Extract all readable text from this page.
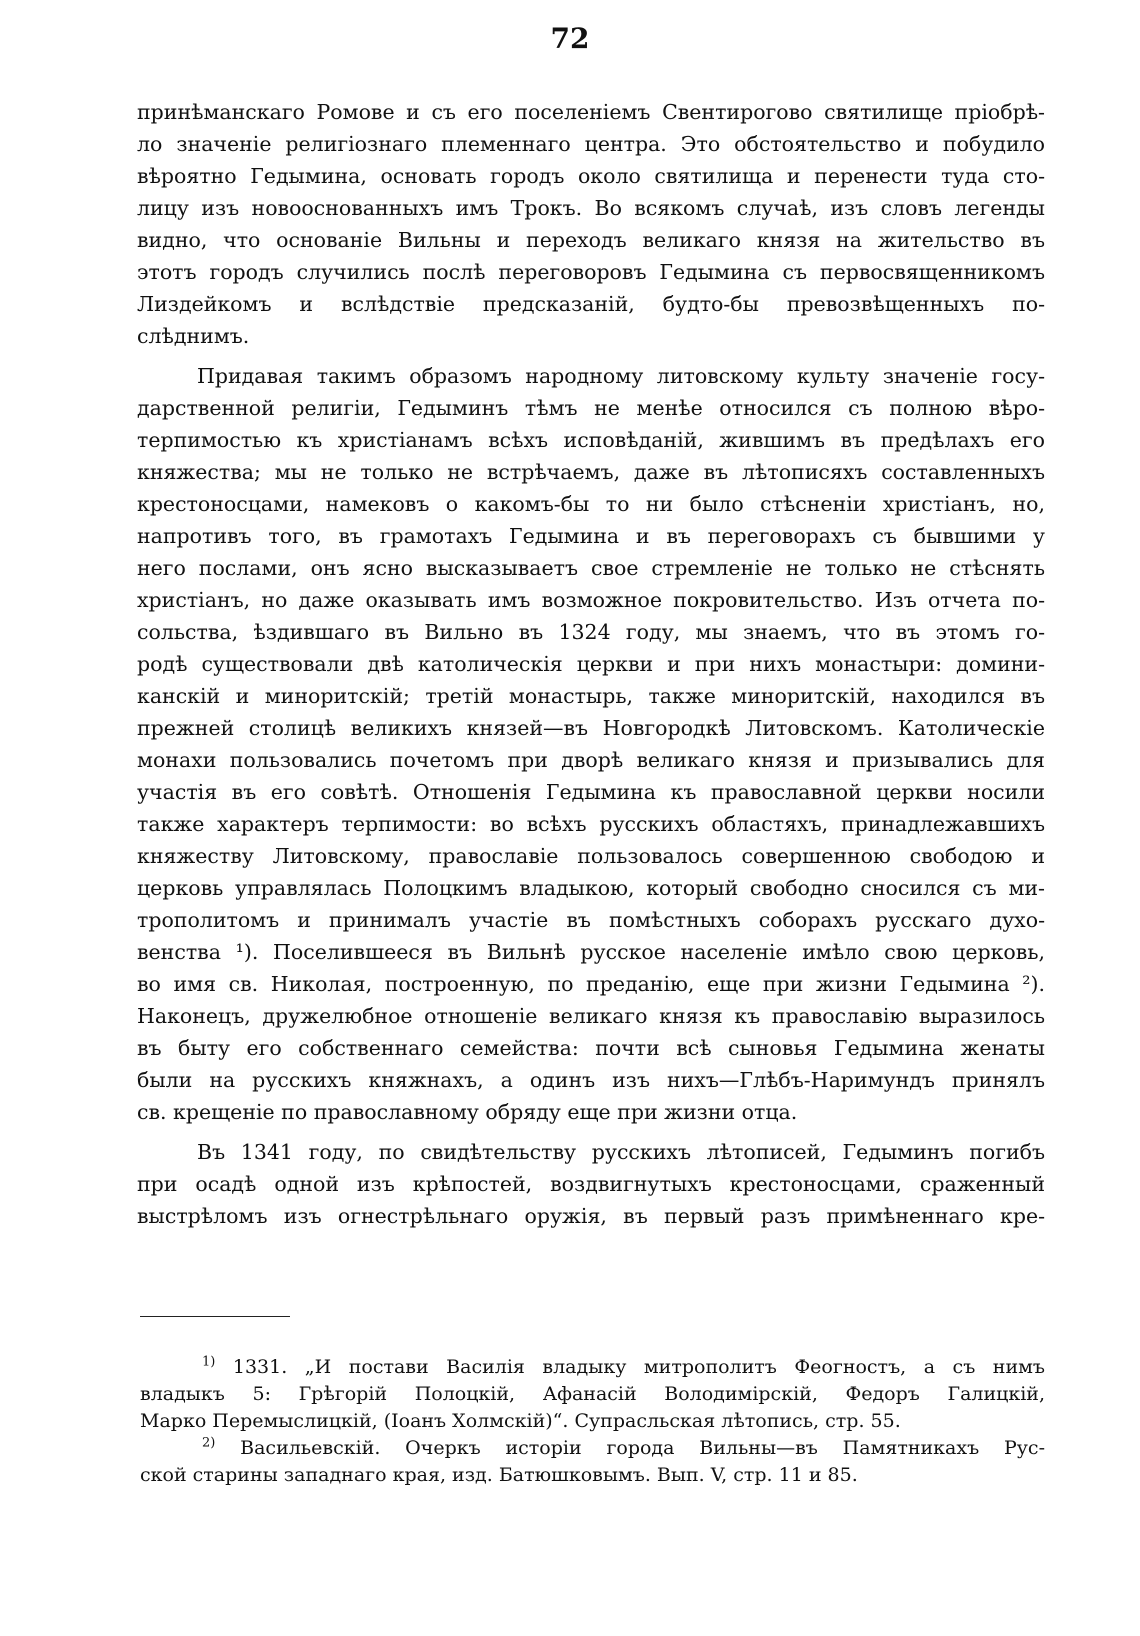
72
принѣманскаго Ромове и съ его поселеніемъ Свентирогово святилище пріобрѣ-
ло значеніе религіознаго племеннаго центра. Это обстоятельство и побудило
вѣроятно Гедымина, основать городъ около святилища и перенести туда сто-
лицу изъ новооснованныхъ имъ Трокъ. Во всякомъ случаѣ, изъ словъ легенды
видно, что основаніе Вильны и переходъ великаго князя на жительство въ
этотъ городъ случились послѣ переговоровъ Гедымина съ первосвященникомъ
Лиздейкомъ и вслѣдствіе предсказаній, будто-бы превозвѣщенныхъ по-
слѣднимъ.
Придавая такимъ образомъ народному литовскому культу значеніе госу-
дарственной религіи, Гедыминъ тѣмъ не менѣе относился съ полною вѣро-
терпимостью къ христіанамъ всѣхъ исповѣданій, жившимъ въ предѣлахъ его
княжества; мы не только не встрѣчаемъ, даже въ лѣтописяхъ составленныхъ
крестоносцами, намековъ о какомъ-бы то ни было стѣсненіи христіанъ, но,
напротивъ того, въ грамотахъ Гедымина и въ переговорахъ съ бывшими у
него послами, онъ ясно высказываетъ свое стремленіе не только не стѣснять
христіанъ, но даже оказывать имъ возможное покровительство. Изъ отчета по-
сольства, ѣздившаго въ Вильно въ 1324 году, мы знаемъ, что въ этомъ го-
родѣ существовали двѣ католическія церкви и при нихъ монастыри: домини-
канскій и миноритскій; третій монастырь, также миноритскій, находился въ
прежней столицѣ великихъ князей—въ Новгородкѣ Литовскомъ. Католическіе
монахи пользовались почетомъ при дворѣ великаго князя и призывались для
участія въ его совѣтѣ. Отношенія Гедымина къ православной церкви носили
также характеръ терпимости: во всѣхъ русскихъ областяхъ, принадлежавшихъ
княжеству Литовскому, православіе пользовалось совершенною свободою и
церковь управлялась Полоцкимъ владыкою, который свободно сносился съ ми-
трополитомъ и принималъ участіе въ помѣстныхъ соборахъ русскаго духо-
венства ¹). Поселившееся въ Вильнѣ русское населеніе имѣло свою церковь,
во имя св. Николая, построенную, по преданію, еще при жизни Гедымина ²).
Наконецъ, дружелюбное отношеніе великаго князя къ православію выразилось
въ быту его собственнаго семейства: почти всѣ сыновья Гедымина женаты
были на русскихъ княжнахъ, а одинъ изъ нихъ—Глѣбъ-Наримундъ принялъ
св. крещеніе по православному обряду еще при жизни отца.
Въ 1341 году, по свидѣтельству русскихъ лѣтописей, Гедыминъ погибъ
при осадѣ одной изъ крѣпостей, воздвигнутыхъ крестоносцами, сраженный
выстрѣломъ изъ огнестрѣльнаго оружія, въ первый разъ примѣненнаго кре-
$^{1)}$ 1331. „И постави Василія владыку митрополитъ Феогностъ, а съ нимъ
владыкъ 5: Грѣгорій Полоцкій, Афанасій Володимірскій, Федоръ Галицкій,
Марко Перемыслицкій, (Іоанъ Холмскій)“. Супрасльская лѣтопись, стр. 55.
$^{2)}$ Васильевскій. Очеркъ исторіи города Вильны—въ Памятникахъ Рус-
ской старины западнаго края, изд. Батюшковымъ. Вып. V, стр. 11 и 85.
